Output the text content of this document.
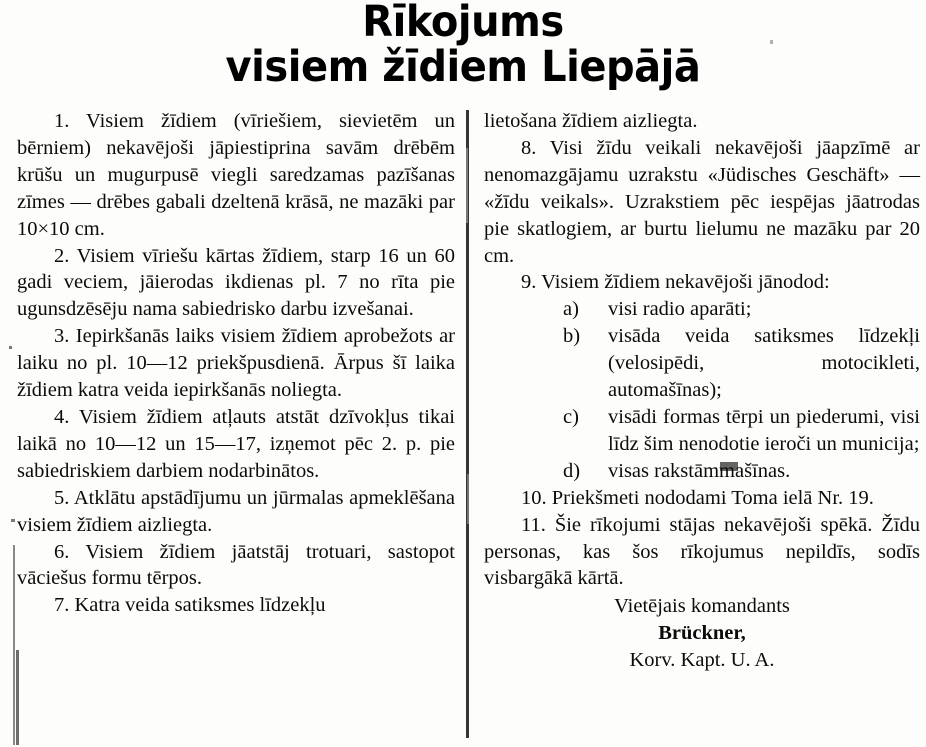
Rīkojums
visiem žīdiem Liepājā

1. Visiem žīdiem (vīriešiem, sievietēm un bērniem) nekavējoši jāpiestiprina savām drēbēm krūšu un mugurpusē viegli saredzamas pazīšanas zīmes — drēbes gabali dzeltenā krāsā, ne mazāki par 10×10 cm.

2. Visiem vīriešu kārtas žīdiem, starp 16 un 60 gadi veciem, jāierodas ikdienas pl. 7 no rīta pie ugunsdzēsēju nama sabiedrisko darbu izvešanai.

3. Iepirkšanās laiks visiem žīdiem aprobežots ar laiku no pl. 10—12 priekšpusdienā. Ārpus šī laika žīdiem katra veida iepirkšanās noliegta.

4. Visiem žīdiem atļauts atstāt dzīvokļus tikai laikā no 10—12 un 15—17, izņemot pēc 2. p. pie sabiedriskiem darbiem nodarbinātos.

5. Atklātu apstādījumu un jūrmalas apmeklēšana visiem žīdiem aizliegta.

6. Visiem žīdiem jāatstāj trotuari, sastopot vāciešus formu tērpos.

7. Katra veida satiksmes līdzekļu

lietošana žīdiem aizliegta.

8. Visi žīdu veikali nekavējoši jāapzīmē ar nenomazgājamu uzrakstu «Jüdisches Geschäft» — «žīdu veikals». Uzrakstiem pēc iespējas jāatrodas pie skatlogiem, ar burtu lielumu ne mazāku par 20 cm.

9. Visiem žīdiem nekavējoši jānodod:

a)	visi radio aparāti;
b)	visāda veida satiksmes līdzekļi (velosipēdi, motocikleti, automašīnas);
c)	visādi formas tērpi un piederumi, visi līdz šim nenodotie ieroči un municija;
d)	visas rakstāmmašīnas.

10. Priekšmeti nododami Toma ielā Nr. 19.

11. Šie rīkojumi stājas nekavējoši spēkā. Žīdu personas, kas šos rīkojumus nepildīs, sodīs visbargākā kārtā.

Vietējais komandants
Brückner,
Korv. Kapt. U. A.
